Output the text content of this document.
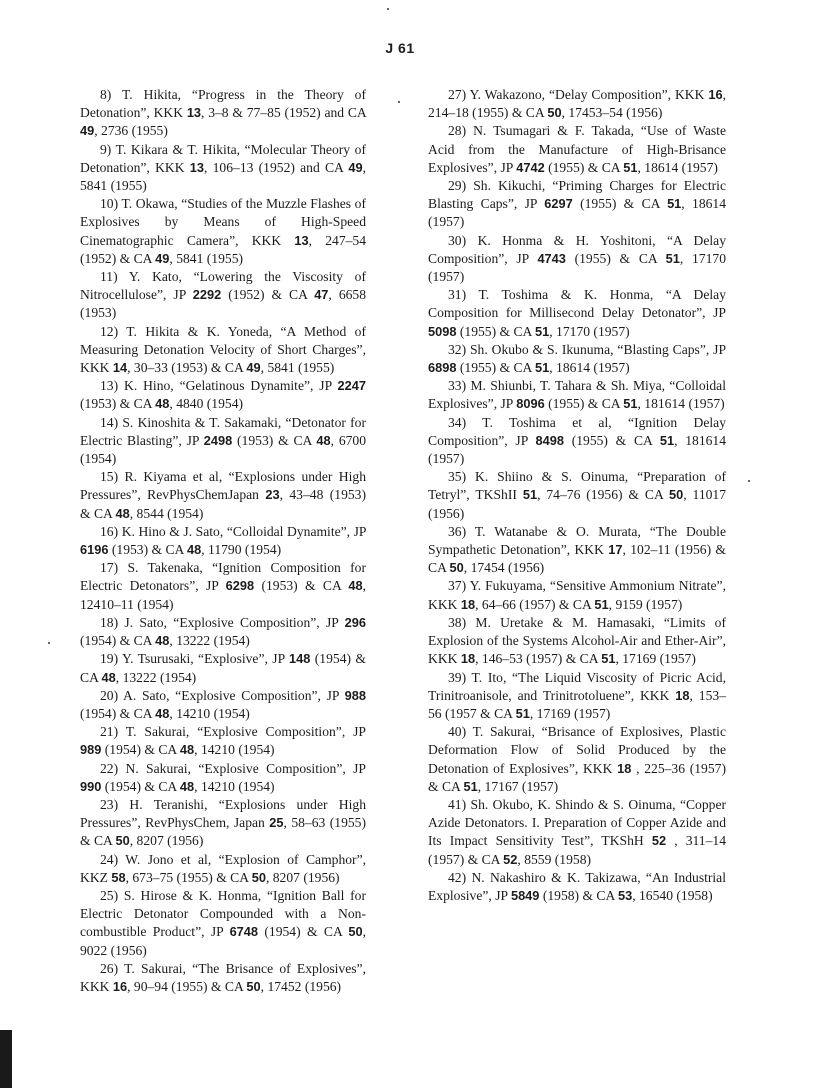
J 61

8) T. Hikita, “Progress in the Theory of Detonation”, KKK 13, 3–8 & 77–85 (1952) and CA 49, 2736 (1955)

9) T. Kikara & T. Hikita, “Molecular Theory of Detonation”, KKK 13, 106–13 (1952) and CA 49, 5841 (1955)

10) T. Okawa, “Studies of the Muzzle Flashes of Explosives by Means of High-Speed Cinematographic Camera”, KKK 13, 247–54 (1952) & CA 49, 5841 (1955)

11) Y. Kato, “Lowering the Viscosity of Nitrocellulose”, JP 2292 (1952) & CA 47, 6658 (1953)

12) T. Hikita & K. Yoneda, “A Method of Measuring Detonation Velocity of Short Charges”, KKK 14, 30–33 (1953) & CA 49, 5841 (1955)

13) K. Hino, “Gelatinous Dynamite”, JP 2247 (1953) & CA 48, 4840 (1954)

14) S. Kinoshita & T. Sakamaki, “Detonator for Electric Blasting”, JP 2498 (1953) & CA 48, 6700 (1954)

15) R. Kiyama et al, “Explosions under High Pressures”, RevPhysChemJapan 23, 43–48 (1953) & CA 48, 8544 (1954)

16) K. Hino & J. Sato, “Colloidal Dynamite”, JP 6196 (1953) & CA 48, 11790 (1954)

17) S. Takenaka, “Ignition Composition for Electric Detonators”, JP 6298 (1953) & CA 48, 12410–11 (1954)

18) J. Sato, “Explosive Composition”, JP 296 (1954) & CA 48, 13222 (1954)

19) Y. Tsurusaki, “Explosive”, JP 148 (1954) & CA 48, 13222 (1954)

20) A. Sato, “Explosive Composition”, JP 988 (1954) & CA 48, 14210 (1954)

21) T. Sakurai, “Explosive Composition”, JP 989 (1954) & CA 48, 14210 (1954)

22) N. Sakurai, “Explosive Composition”, JP 990 (1954) & CA 48, 14210 (1954)

23) H. Teranishi, “Explosions under High Pressures”, RevPhysChem, Japan 25, 58–63 (1955) & CA 50, 8207 (1956)

24) W. Jono et al, “Explosion of Camphor”, KKZ 58, 673–75 (1955) & CA 50, 8207 (1956)

25) S. Hirose & K. Honma, “Ignition Ball for Electric Detonator Compounded with a Non-combustible Product”, JP 6748 (1954) & CA 50, 9022 (1956)

26) T. Sakurai, “The Brisance of Explosives”, KKK 16, 90–94 (1955) & CA 50, 17452 (1956)

27) Y. Wakazono, “Delay Composition”, KKK 16, 214–18 (1955) & CA 50, 17453–54 (1956)

28) N. Tsumagari & F. Takada, “Use of Waste Acid from the Manufacture of High-Brisance Explosives”, JP 4742 (1955) & CA 51, 18614 (1957)

29) Sh. Kikuchi, “Priming Charges for Electric Blasting Caps”, JP 6297 (1955) & CA 51, 18614 (1957)

30) K. Honma & H. Yoshitoni, “A Delay Composition”, JP 4743 (1955) & CA 51, 17170 (1957)

31) T. Toshima & K. Honma, “A Delay Composition for Millisecond Delay Detonator”, JP 5098 (1955) & CA 51, 17170 (1957)

32) Sh. Okubo & S. Ikunuma, “Blasting Caps”, JP 6898 (1955) & CA 51, 18614 (1957)

33) M. Shiunbi, T. Tahara & Sh. Miya, “Colloidal Explosives”, JP 8096 (1955) & CA 51, 181614 (1957)

34) T. Toshima et al, “Ignition Delay Composition”, JP 8498 (1955) & CA 51, 181614 (1957)

35) K. Shiino & S. Oinuma, “Preparation of Tetryl”, TKShII 51, 74–76 (1956) & CA 50, 11017 (1956)

36) T. Watanabe & O. Murata, “The Double Sympathetic Detonation”, KKK 17, 102–11 (1956) & CA 50, 17454 (1956)

37) Y. Fukuyama, “Sensitive Ammonium Nitrate”, KKK 18, 64–66 (1957) & CA 51, 9159 (1957)

38) M. Uretake & M. Hamasaki, “Limits of Explosion of the Systems Alcohol-Air and Ether-Air”, KKK 18, 146–53 (1957) & CA 51, 17169 (1957)

39) T. Ito, “The Liquid Viscosity of Picric Acid, Trinitroanisole, and Trinitrotoluene”, KKK 18, 153–56 (1957 & CA 51, 17169 (1957)

40) T. Sakurai, “Brisance of Explosives, Plastic Deformation Flow of Solid Produced by the Detonation of Explosives”, KKK 18 , 225–36 (1957) & CA 51, 17167 (1957)

41) Sh. Okubo, K. Shindo & S. Oinuma, “Copper Azide Detonators. I. Preparation of Copper Azide and Its Impact Sensitivity Test”, TKShH 52 , 311–14 (1957) & CA 52, 8559 (1958)

42) N. Nakashiro & K. Takizawa, “An Industrial Explosive”, JP 5849 (1958) & CA 53, 16540 (1958)
